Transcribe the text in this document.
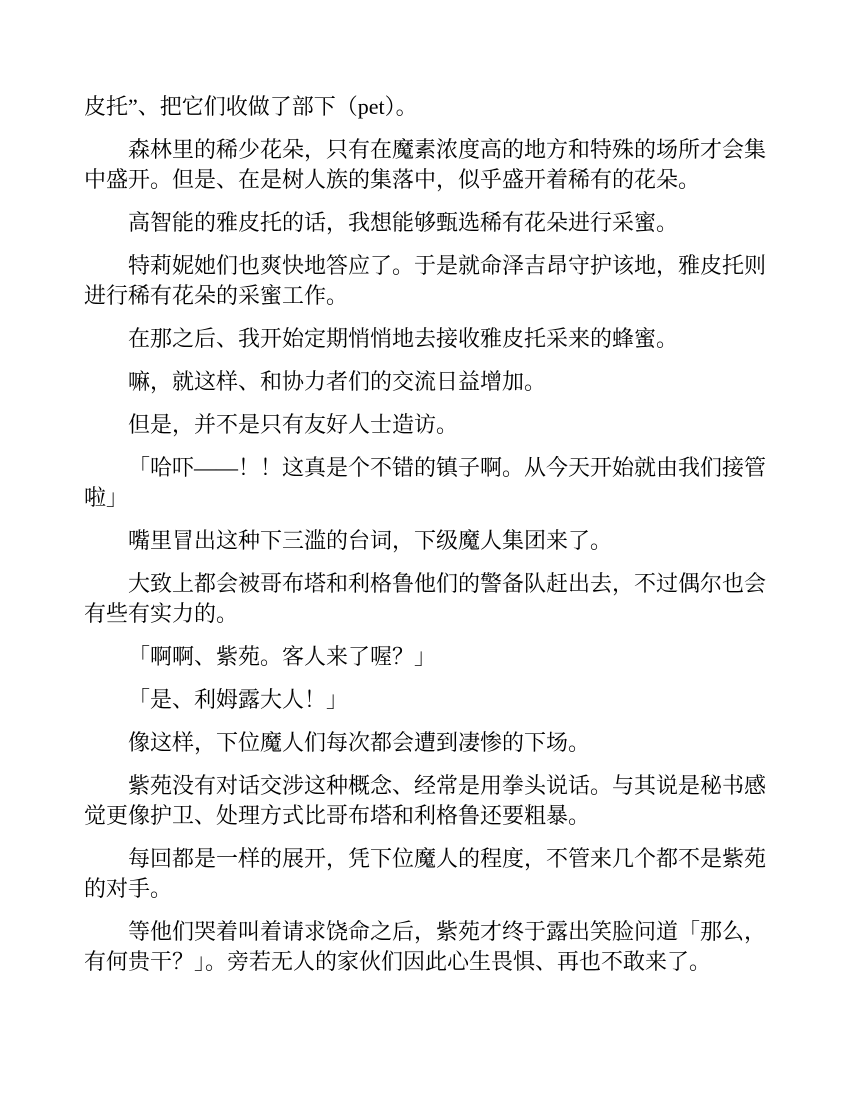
皮托”、把它们收做了部下（pet）。

森林里的稀少花朵，只有在魔素浓度高的地方和特殊的场所才会集中盛开。但是、在是树人族的集落中，似乎盛开着稀有的花朵。

高智能的雅皮托的话，我想能够甄选稀有花朵进行采蜜。

特莉妮她们也爽快地答应了。于是就命泽吉昂守护该地，雅皮托则进行稀有花朵的采蜜工作。

在那之后、我开始定期悄悄地去接收雅皮托采来的蜂蜜。

嘛，就这样、和协力者们的交流日益增加。

但是，并不是只有友好人士造访。

「哈吓——！！这真是个不错的镇子啊。从今天开始就由我们接管啦」

嘴里冒出这种下三滥的台词，下级魔人集团来了。

大致上都会被哥布塔和利格鲁他们的警备队赶出去，不过偶尔也会有些有实力的。

「啊啊、紫苑。客人来了喔？」

「是、利姆露大人！」

像这样，下位魔人们每次都会遭到凄惨的下场。

紫苑没有对话交涉这种概念、经常是用拳头说话。与其说是秘书感觉更像护卫、处理方式比哥布塔和利格鲁还要粗暴。

每回都是一样的展开，凭下位魔人的程度，不管来几个都不是紫苑的对手。

等他们哭着叫着请求饶命之后，紫苑才终于露出笑脸问道「那么，有何贵干？」。旁若无人的家伙们因此心生畏惧、再也不敢来了。
